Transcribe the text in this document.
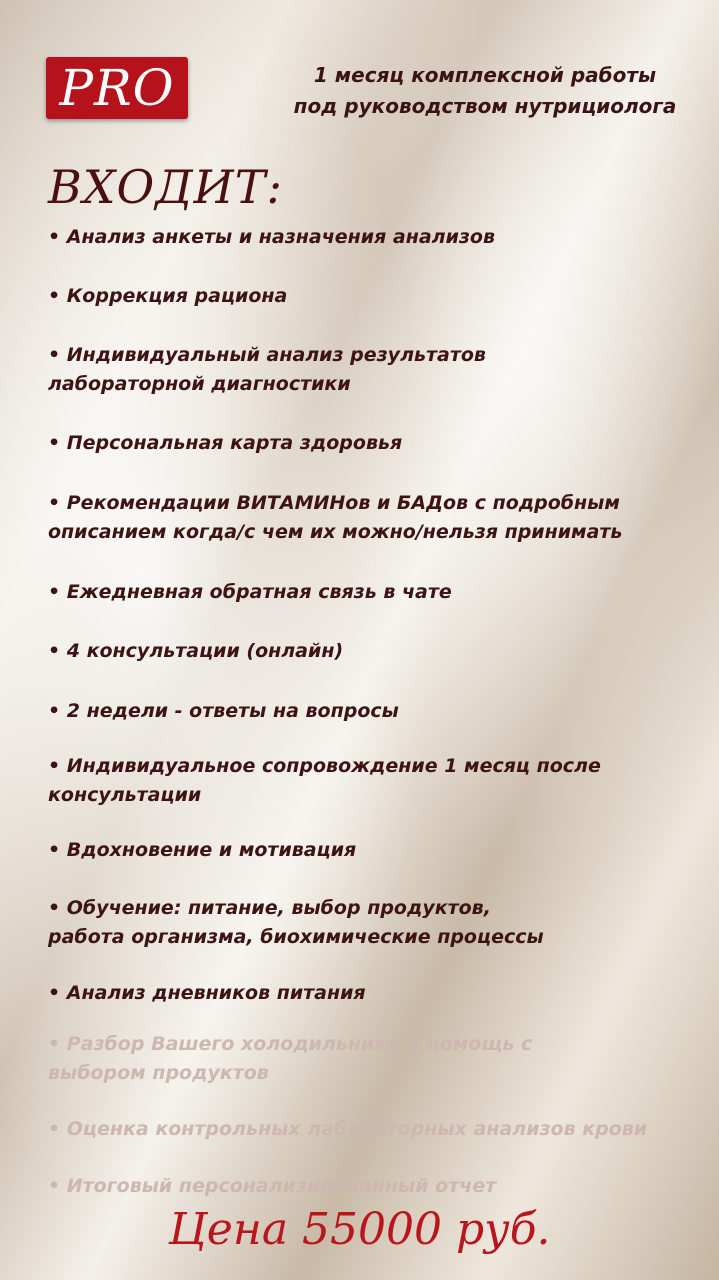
PRO	1 месяц комплексной работы
под руководством нутрициолога
ВХОДИТ:
• Анализ анкеты и назначения анализов
• Коррекция рациона
• Индивидуальный анализ результатов лабораторной диагностики
• Персональная карта здоровья
• Рекомендации ВИТАМИНов и БАДов с подробным описанием когда/с чем их можно/нельзя принимать
• Ежедневная обратная связь в чате
• 4 консультации (онлайн)
• 2 недели - ответы на вопросы
• Индивидуальное сопровождение 1 месяц после консультации
• Вдохновение и мотивация
• Обучение: питание, выбор продуктов, работа организма, биохимические процессы
• Анализ дневников питания
• Разбор Вашего холодильника и помощь с выбором продуктов
• Оценка контрольных лабораторных анализов крови
• Итоговый персонализированный отчет
Цена 55000 руб.
